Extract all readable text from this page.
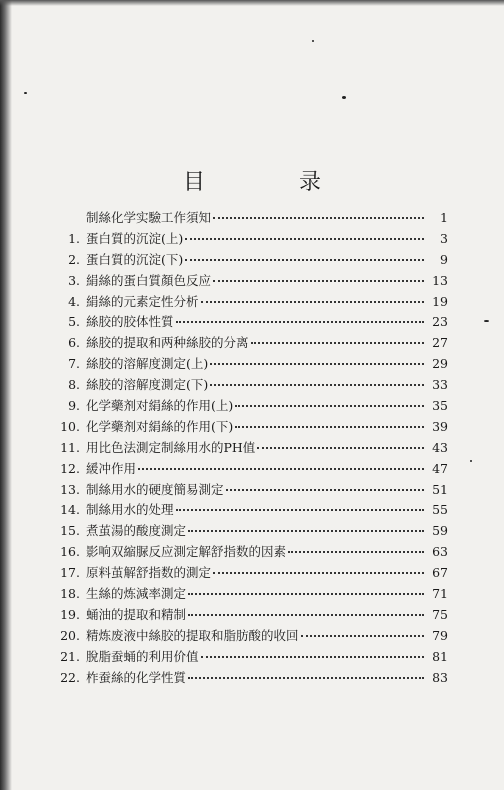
目　录
制絲化学实驗工作須知	1
1. 蛋白質的沉淀(上)	3
2. 蛋白質的沉淀(下)	9
3. 絹絲的蛋白質顏色反应	13
4. 絹絲的元素定性分析	19
5. 絲胶的胶体性質	23
6. 絲胶的提取和两种絲胶的分离	27
7. 絲胶的溶解度測定(上)	29
8. 絲胶的溶解度測定(下)	33
9. 化学藥剂对絹絲的作用(上)	35
10. 化学藥剂对絹絲的作用(下)	39
11. 用比色法測定制絲用水的PH值	43
12. 緩冲作用	47
13. 制絲用水的硬度簡易測定	51
14. 制絲用水的处理	55
15. 煮茧湯的酸度測定	59
16. 影响双縮脲反应測定解舒指数的因素	63
17. 原料茧解舒指数的測定	67
18. 生絲的炼減率測定	71
19. 蛹油的提取和精制	75
20. 精炼废液中絲胶的提取和脂肪酸的收回	79
21. 脫脂蚕蛹的利用价值	81
22. 柞蚕絲的化学性質	83
